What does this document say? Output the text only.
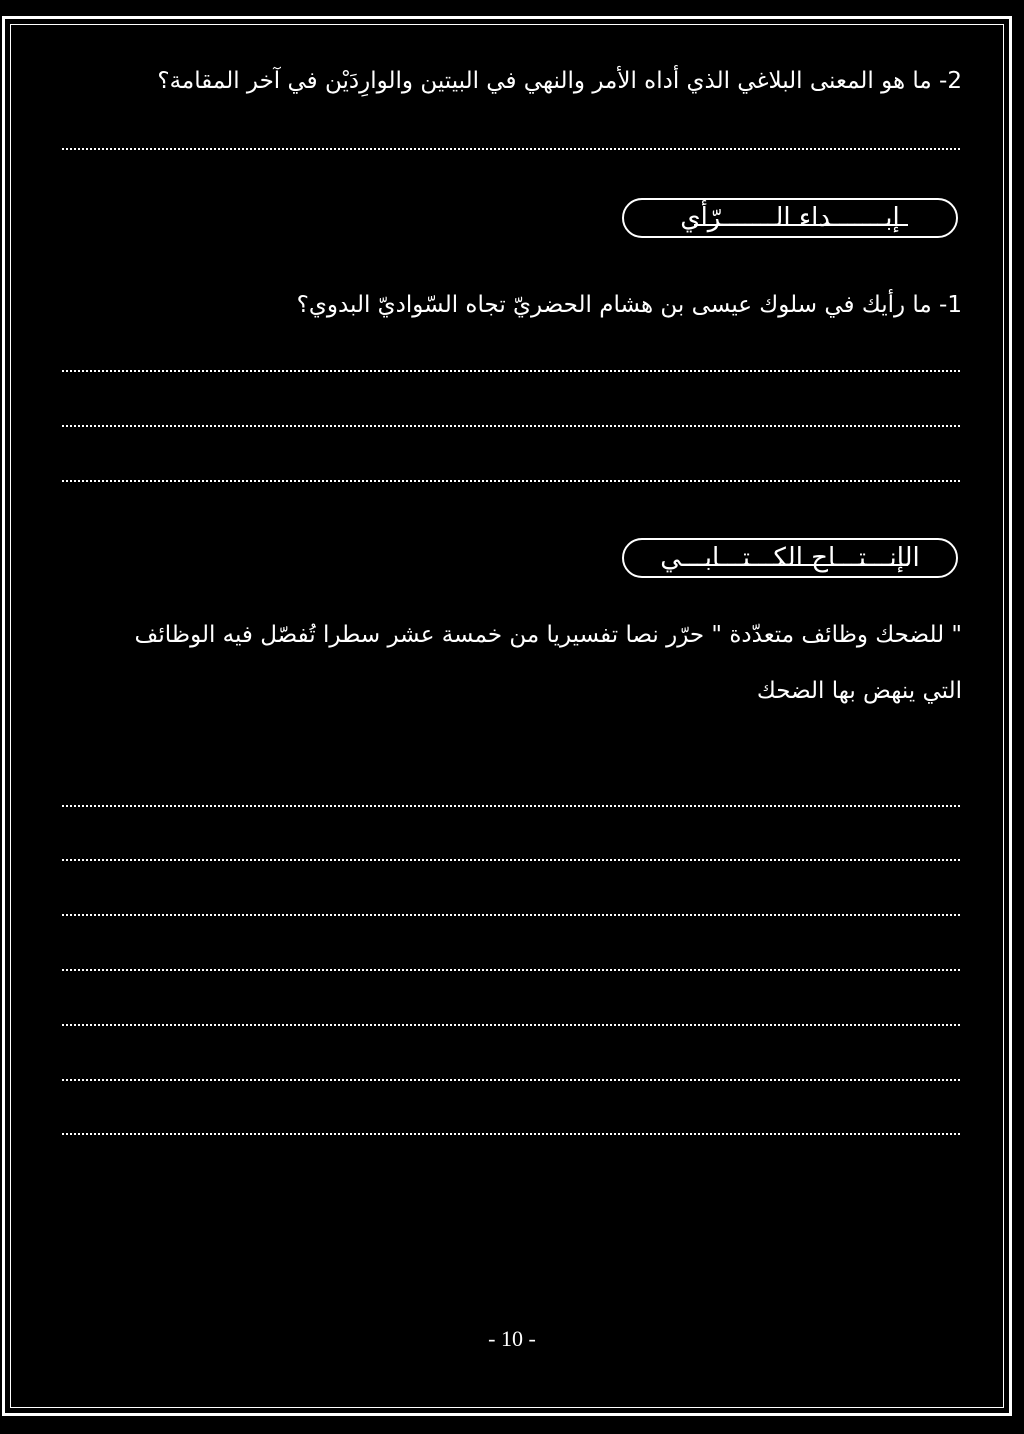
2- ما هو المعنى البلاغي الذي أداه الأمر والنهي في البيتين والوارِدَيْن في آخر المقامة؟
إبـــــــداء الـــــــرّأي
1- ما رأيك في سلوك عيسى بن هشام الحضريّ تجاه السّواديّ البدوي؟
الإنـــتـــاج الكـــتـــابـــي
" للضحك وظائف متعدّدة " حرّر نصا تفسيريا من خمسة عشر سطرا تُفصّل فيه الوظائف
التي ينهض بها الضحك
- 10 -
